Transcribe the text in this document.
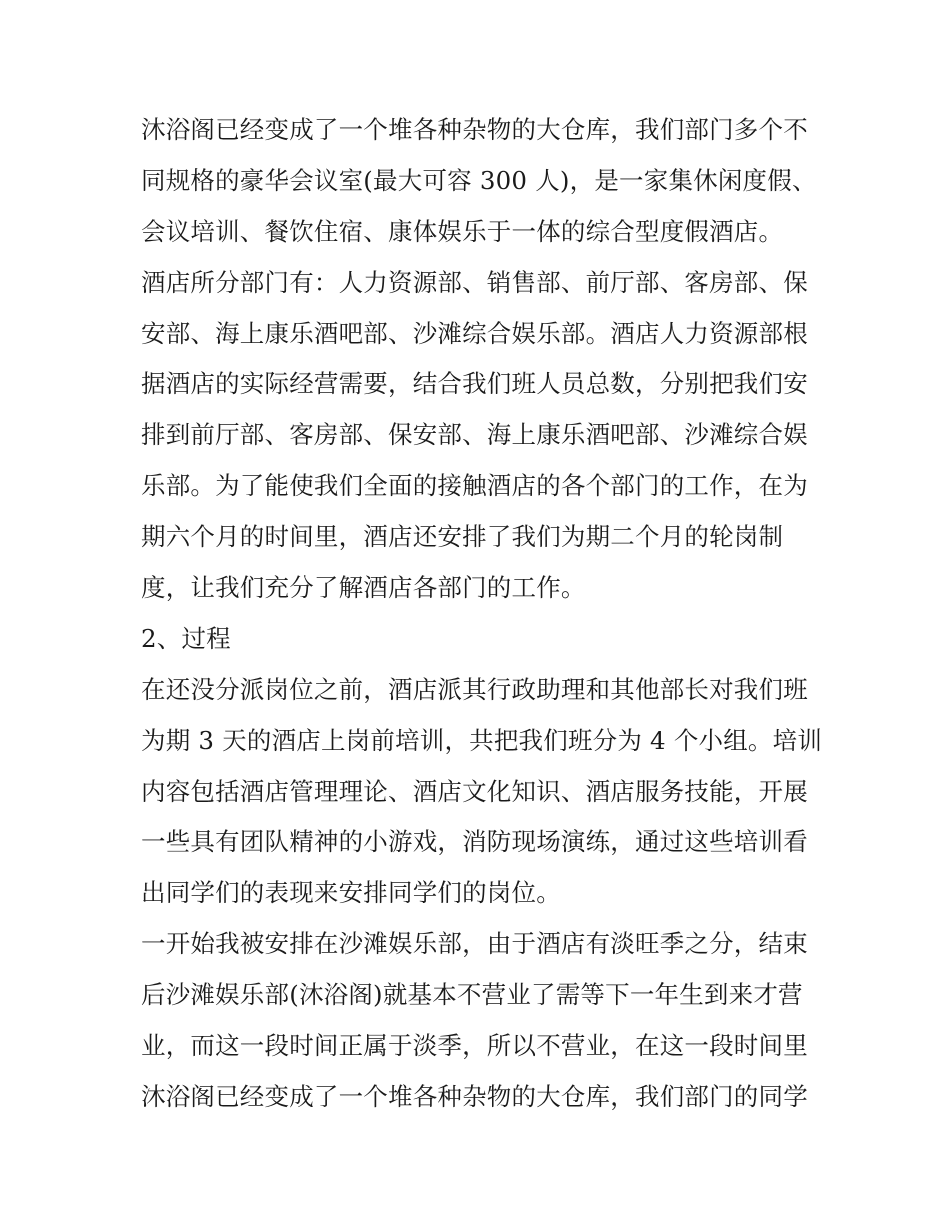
沐浴阁已经变成了一个堆各种杂物的大仓库，我们部门多个不
同规格的豪华会议室(最大可容 300 人)，是一家集休闲度假、
会议培训、餐饮住宿、康体娱乐于一体的综合型度假酒店。
酒店所分部门有：人力资源部、销售部、前厅部、客房部、保
安部、海上康乐酒吧部、沙滩综合娱乐部。酒店人力资源部根
据酒店的实际经营需要，结合我们班人员总数，分别把我们安
排到前厅部、客房部、保安部、海上康乐酒吧部、沙滩综合娱
乐部。为了能使我们全面的接触酒店的各个部门的工作，在为
期六个月的时间里，酒店还安排了我们为期二个月的轮岗制
度，让我们充分了解酒店各部门的工作。
2、过程
在还没分派岗位之前，酒店派其行政助理和其他部长对我们班
为期 3 天的酒店上岗前培训，共把我们班分为 4 个小组。培训
内容包括酒店管理理论、酒店文化知识、酒店服务技能，开展
一些具有团队精神的小游戏，消防现场演练，通过这些培训看
出同学们的表现来安排同学们的岗位。
一开始我被安排在沙滩娱乐部，由于酒店有淡旺季之分，结束
后沙滩娱乐部(沐浴阁)就基本不营业了需等下一年生到来才营
业，而这一段时间正属于淡季，所以不营业，在这一段时间里
沐浴阁已经变成了一个堆各种杂物的大仓库，我们部门的同学
